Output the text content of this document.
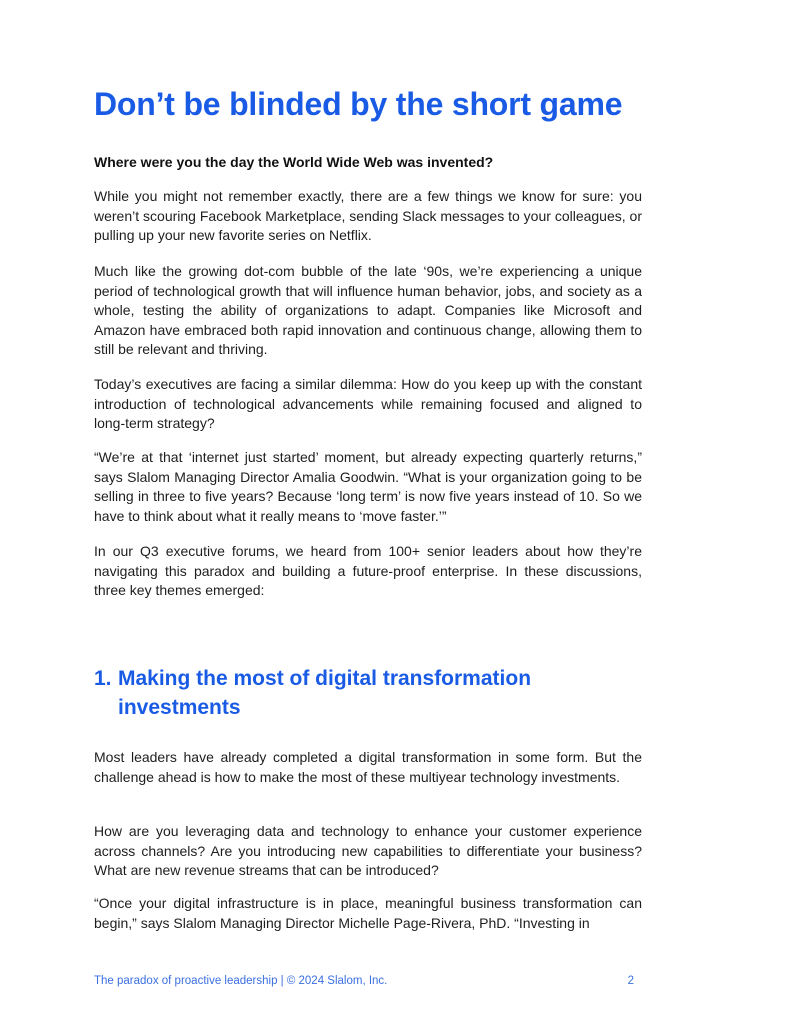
Don’t be blinded by the short game

Where were you the day the World Wide Web was invented?

While you might not remember exactly, there are a few things we know for sure: you weren’t scouring Facebook Marketplace, sending Slack messages to your colleagues, or pulling up your new favorite series on Netflix.

Much like the growing dot-com bubble of the late ‘90s, we’re experiencing a unique period of technological growth that will influence human behavior, jobs, and society as a whole, testing the ability of organizations to adapt. Companies like Microsoft and Amazon have embraced both rapid innovation and continuous change, allowing them to still be relevant and thriving.

Today’s executives are facing a similar dilemma: How do you keep up with the constant introduction of technological advancements while remaining focused and aligned to long-term strategy?

“We’re at that ‘internet just started’ moment, but already expecting quarterly returns,” says Slalom Managing Director Amalia Goodwin. “What is your organization going to be selling in three to five years? Because ‘long term’ is now five years instead of 10. So we have to think about what it really means to ‘move faster.’”

In our Q3 executive forums, we heard from 100+ senior leaders about how they’re navigating this paradox and building a future-proof enterprise. In these discussions, three key themes emerged:

1. Making the most of digital transformation investments

Most leaders have already completed a digital transformation in some form. But the challenge ahead is how to make the most of these multiyear technology investments.

How are you leveraging data and technology to enhance your customer experience across channels? Are you introducing new capabilities to differentiate your business? What are new revenue streams that can be introduced?

“Once your digital infrastructure is in place, meaningful business transformation can begin,” says Slalom Managing Director Michelle Page-Rivera, PhD. “Investing in

The paradox of proactive leadership | © 2024 Slalom, Inc.	2
